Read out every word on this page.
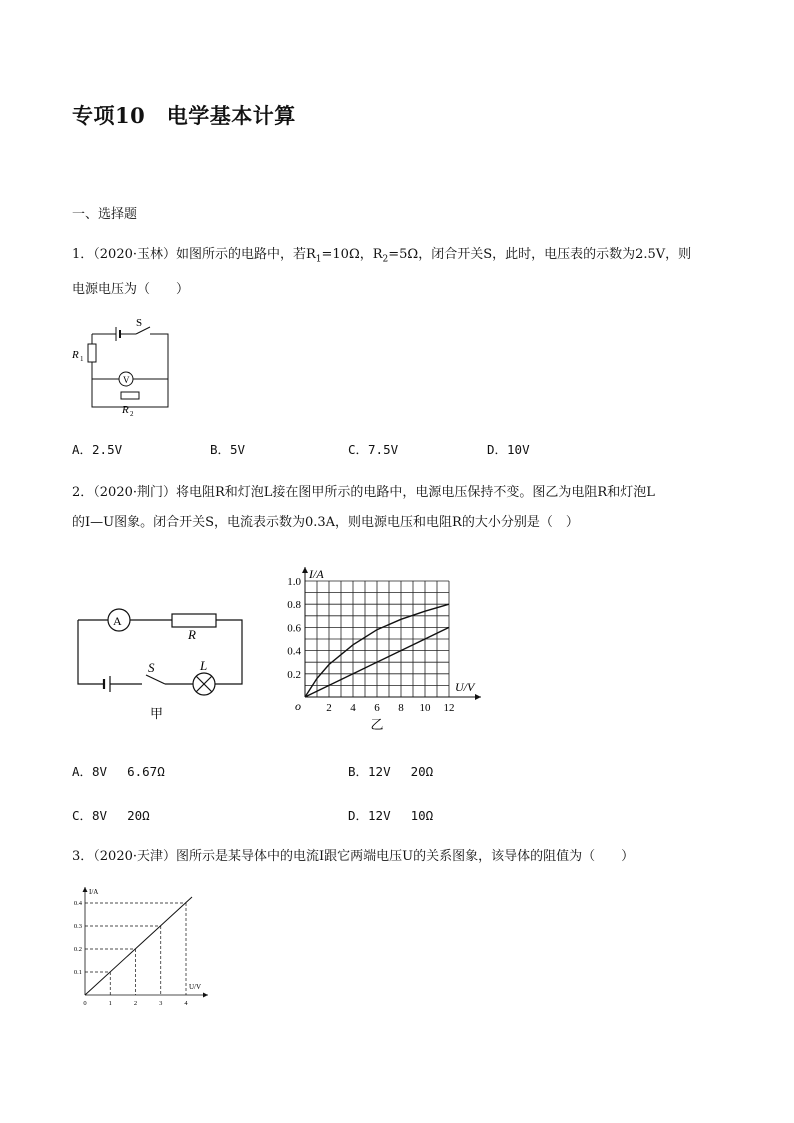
专项10　电学基本计算
一、选择题
1．（2020·玉林）如图所示的电路中，若$R_1=10\Omega$，$R_2=5\Omega$，闭合开关S，此时，电压表的示数为2.5V，则
电源电压为（　　）
S
R 1
V
R 2
A．2.5V	B．5V	C．7.5V	D．10V
2．（2020·荆门）将电阻R和灯泡L接在图甲所示的电路中，电源电压保持不变。图乙为电阻R和灯泡L
的I—U图象。闭合开关S，电流表示数为0.3A，则电源电压和电阻R的大小分别是（　）
A
R
S	L
甲	2 4 6 8 10 12
0.2
0.4
0.6
0.8
1.0
o
I/A
U/V
乙
A．8V　 6.67Ω	B．12V　 20Ω
C．8V　 20Ω	D．12V　 10Ω
3．（2020·天津）图所示是某导体中的电流I跟它两端电压U的关系图象，该导体的阻值为（　　）
0	1	2	3	4
0.1
0.2
0.3
0.4
I/A
U/V
